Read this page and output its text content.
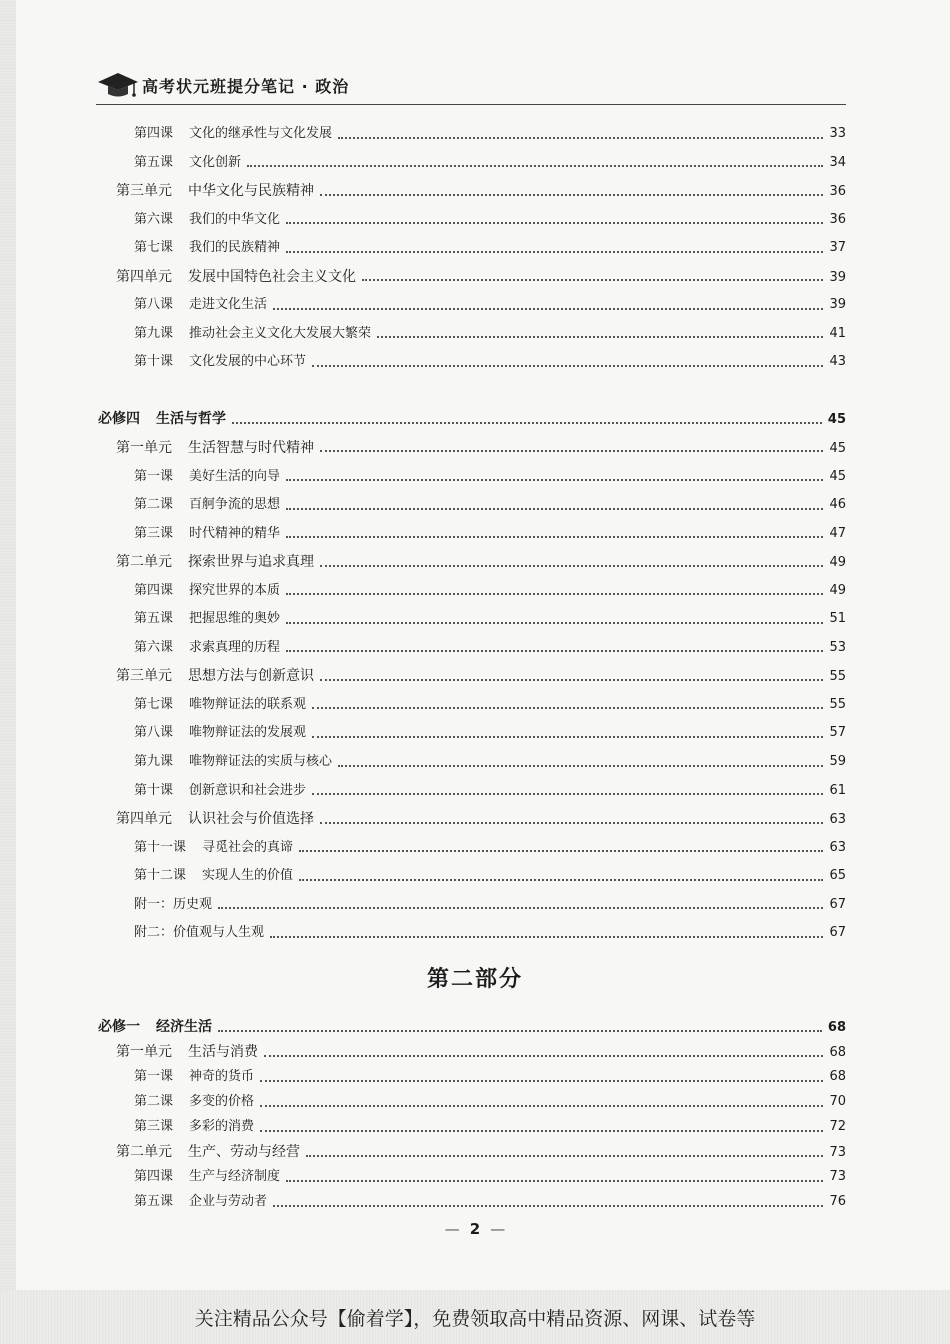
高考状元班提分笔记 · 政治
第四课 文化的继承性与文化发展	33
第五课 文化创新	34
第三单元 中华文化与民族精神	36
第六课 我们的中华文化	36
第七课 我们的民族精神	37
第四单元 发展中国特色社会主义文化	39
第八课 走进文化生活	39
第九课 推动社会主义文化大发展大繁荣	41
第十课 文化发展的中心环节	43
必修四 生活与哲学	45
第一单元 生活智慧与时代精神	45
第一课 美好生活的向导	45
第二课 百舸争流的思想	46
第三课 时代精神的精华	47
第二单元 探索世界与追求真理	49
第四课 探究世界的本质	49
第五课 把握思维的奥妙	51
第六课 求索真理的历程	53
第三单元 思想方法与创新意识	55
第七课 唯物辩证法的联系观	55
第八课 唯物辩证法的发展观	57
第九课 唯物辩证法的实质与核心	59
第十课 创新意识和社会进步	61
第四单元 认识社会与价值选择	63
第十一课 寻觅社会的真谛	63
第十二课 实现人生的价值	65
附一：历史观	67
附二：价值观与人生观	67
第二部分
必修一 经济生活	68
第一单元 生活与消费	68
第一课 神奇的货币	68
第二课 多变的价格	70
第三课 多彩的消费	72
第二单元 生产、劳动与经营	73
第四课 生产与经济制度	73
第五课 企业与劳动者	76
— 2 —
关注精品公众号【偷着学】，免费领取高中精品资源、网课、试卷等
